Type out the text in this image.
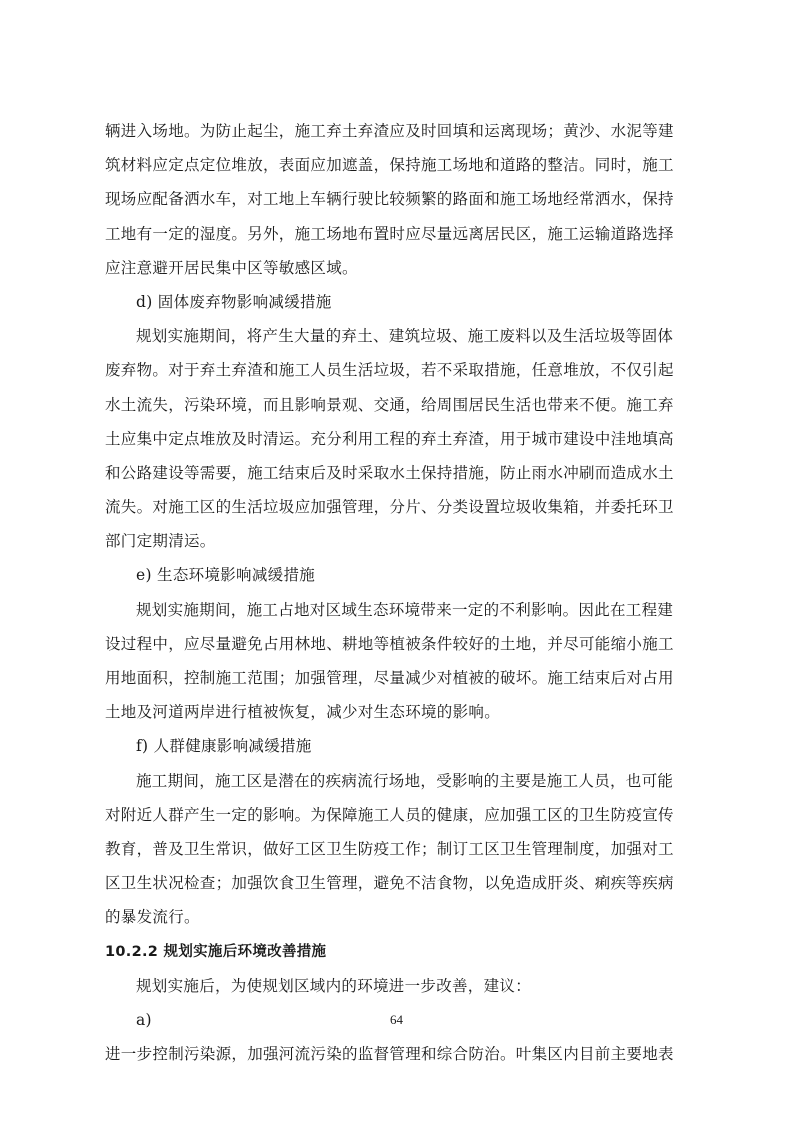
辆进入场地。为防止起尘，施工弃土弃渣应及时回填和运离现场；黄沙、水泥等建
筑材料应定点定位堆放，表面应加遮盖，保持施工场地和道路的整洁。同时，施工
现场应配备洒水车，对工地上车辆行驶比较频繁的路面和施工场地经常洒水，保持
工地有一定的湿度。另外，施工场地布置时应尽量远离居民区，施工运输道路选择
应注意避开居民集中区等敏感区域。
d) 固体废弃物影响减缓措施
规划实施期间，将产生大量的弃土、建筑垃圾、施工废料以及生活垃圾等固体
废弃物。对于弃土弃渣和施工人员生活垃圾，若不采取措施，任意堆放，不仅引起
水土流失，污染环境，而且影响景观、交通，给周围居民生活也带来不便。施工弃
土应集中定点堆放及时清运。充分利用工程的弃土弃渣，用于城市建设中洼地填高
和公路建设等需要，施工结束后及时采取水土保持措施，防止雨水冲刷而造成水土
流失。对施工区的生活垃圾应加强管理，分片、分类设置垃圾收集箱，并委托环卫
部门定期清运。
e) 生态环境影响减缓措施
规划实施期间，施工占地对区域生态环境带来一定的不利影响。因此在工程建
设过程中，应尽量避免占用林地、耕地等植被条件较好的土地，并尽可能缩小施工
用地面积，控制施工范围；加强管理，尽量减少对植被的破坏。施工结束后对占用
土地及河道两岸进行植被恢复，减少对生态环境的影响。
f) 人群健康影响减缓措施
施工期间，施工区是潜在的疾病流行场地，受影响的主要是施工人员，也可能
对附近人群产生一定的影响。为保障施工人员的健康，应加强工区的卫生防疫宣传
教育，普及卫生常识，做好工区卫生防疫工作；制订工区卫生管理制度，加强对工
区卫生状况检查；加强饮食卫生管理，避免不洁食物，以免造成肝炎、痢疾等疾病
的暴发流行。
10.2.2 规划实施后环境改善措施
规划实施后，为使规划区域内的环境进一步改善，建议：
a)
进一步控制污染源，加强河流污染的监督管理和综合防治。叶集区内目前主要地表
64
